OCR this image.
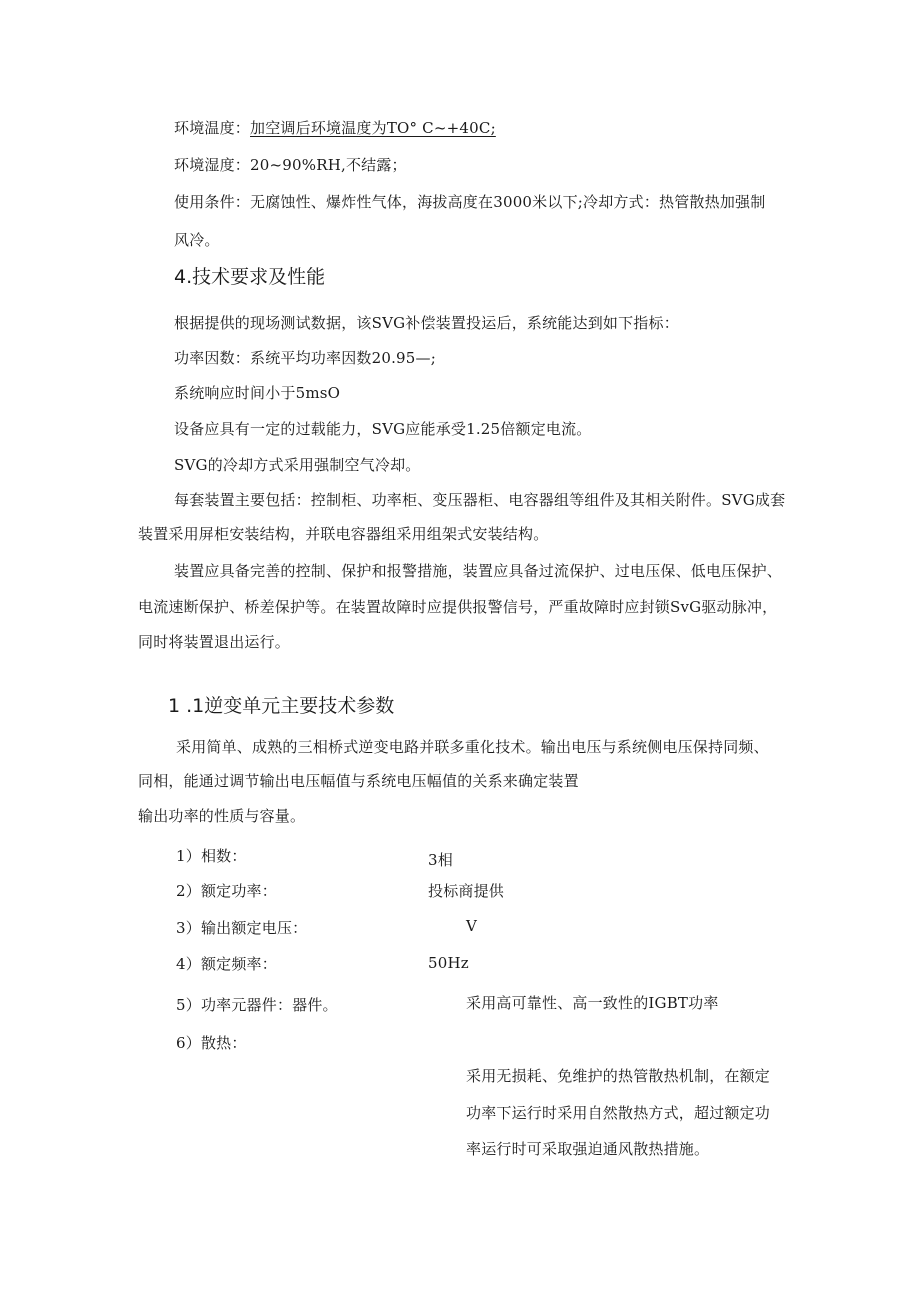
环境温度：加空调后环境温度为TO° C~+40C;
环境湿度：20~90%RH,不结露；
使用条件：无腐蚀性、爆炸性气体，海拔高度在3000米以下;冷却方式：热管散热加强制
风冷。
4.技术要求及性能
根据提供的现场测试数据，该SVG补偿装置投运后，系统能达到如下指标：
功率因数：系统平均功率因数20.95—;
系统响应时间小于5msO
设备应具有一定的过载能力，SVG应能承受1.25倍额定电流。
SVG的冷却方式采用强制空气冷却。
每套装置主要包括：控制柜、功率柜、变压器柜、电容器组等组件及其相关附件。SVG成套
装置采用屏柜安装结构，并联电容器组采用组架式安装结构。
装置应具备完善的控制、保护和报警措施，装置应具备过流保护、过电压保、低电压保护、
电流速断保护、桥差保护等。在装置故障时应提供报警信号，严重故障时应封锁SvG驱动脉冲，
同时将装置退出运行。
1 .1逆变单元主要技术参数
采用简单、成熟的三相桥式逆变电路并联多重化技术。输出电压与系统侧电压保持同频、
同相，能通过调节输出电压幅值与系统电压幅值的关系来确定装置
输出功率的性质与容量。
1）相数：	3相
2）额定功率：	投标商提供
3）输出额定电压：	V
4）额定频率：	50Hz
5）功率元器件：器件。	采用高可靠性、高一致性的IGBT功率
6）散热：
采用无损耗、免维护的热管散热机制，在额定
功率下运行时采用自然散热方式，超过额定功
率运行时可采取强迫通风散热措施。
